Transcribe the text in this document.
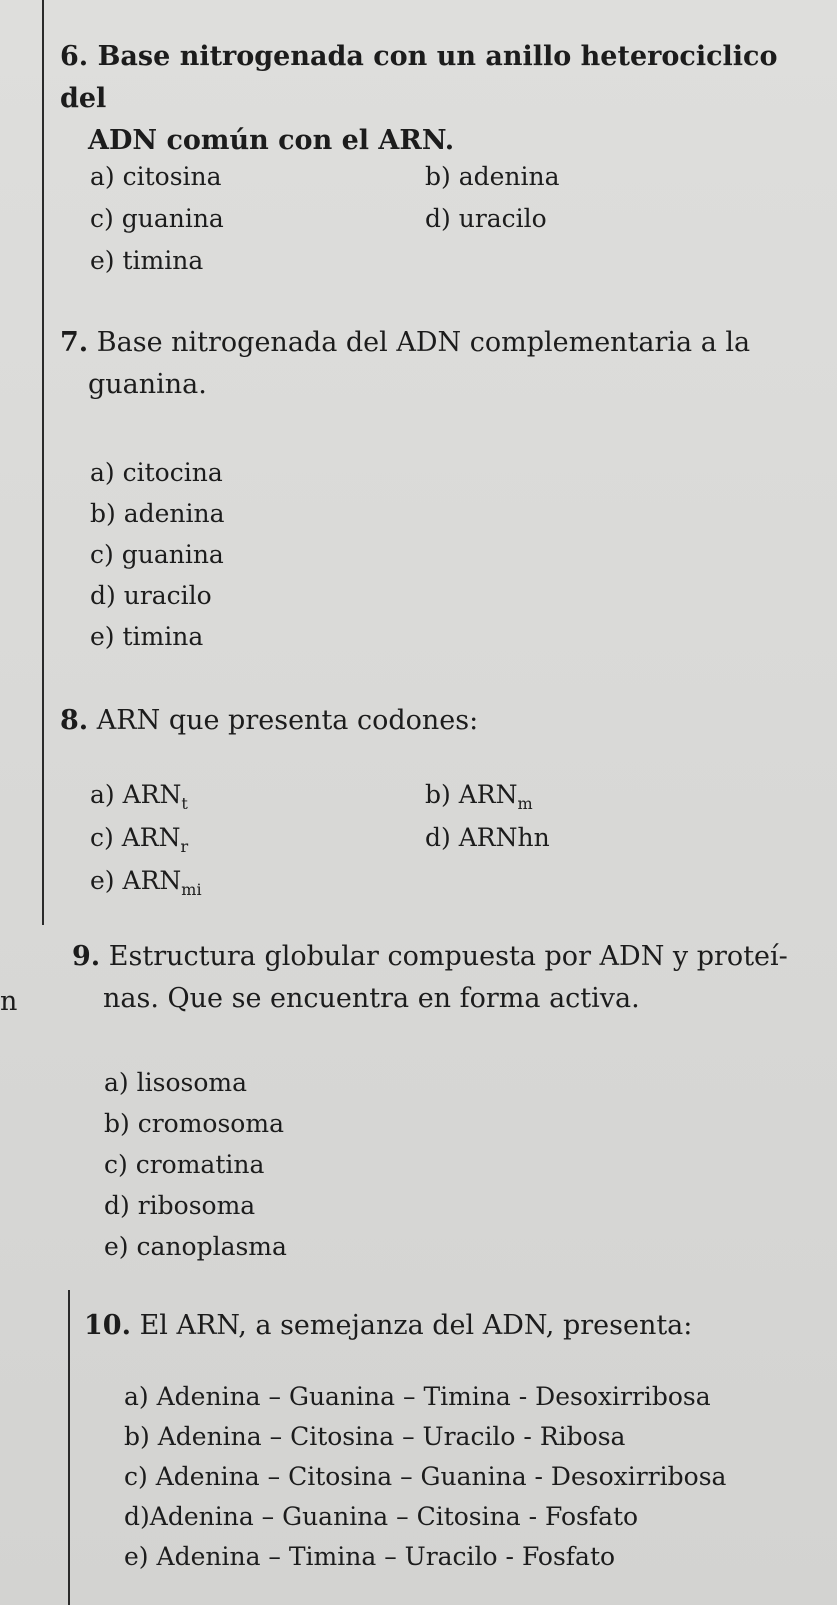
n

6. Base nitrogenada con un anillo heterociclico del

ADN común con el ARN.

a) citosina	b) adenina
c) guanina	d) uracilo
e) timina

7. Base nitrogenada del ADN complementaria a la

guanina.

a) citocina
b) adenina
c) guanina
d) uracilo
e) timina

8. ARN que presenta codones:

a) $ARN_t$	b) $ARN_m$
c) $ARN_r$	d) ARNhn
e) $ARN_{mi}$

9. Estructura globular compuesta por ADN y proteí-

nas. Que se encuentra en forma activa.

a) lisosoma
b) cromosoma
c) cromatina
d) ribosoma
e) canoplasma

10. El ARN, a semejanza del ADN, presenta:

a) Adenina – Guanina – Timina - Desoxirribosa
b) Adenina – Citosina – Uracilo - Ribosa
c) Adenina – Citosina – Guanina - Desoxirribosa
d)Adenina – Guanina – Citosina - Fosfato
e) Adenina – Timina – Uracilo - Fosfato
